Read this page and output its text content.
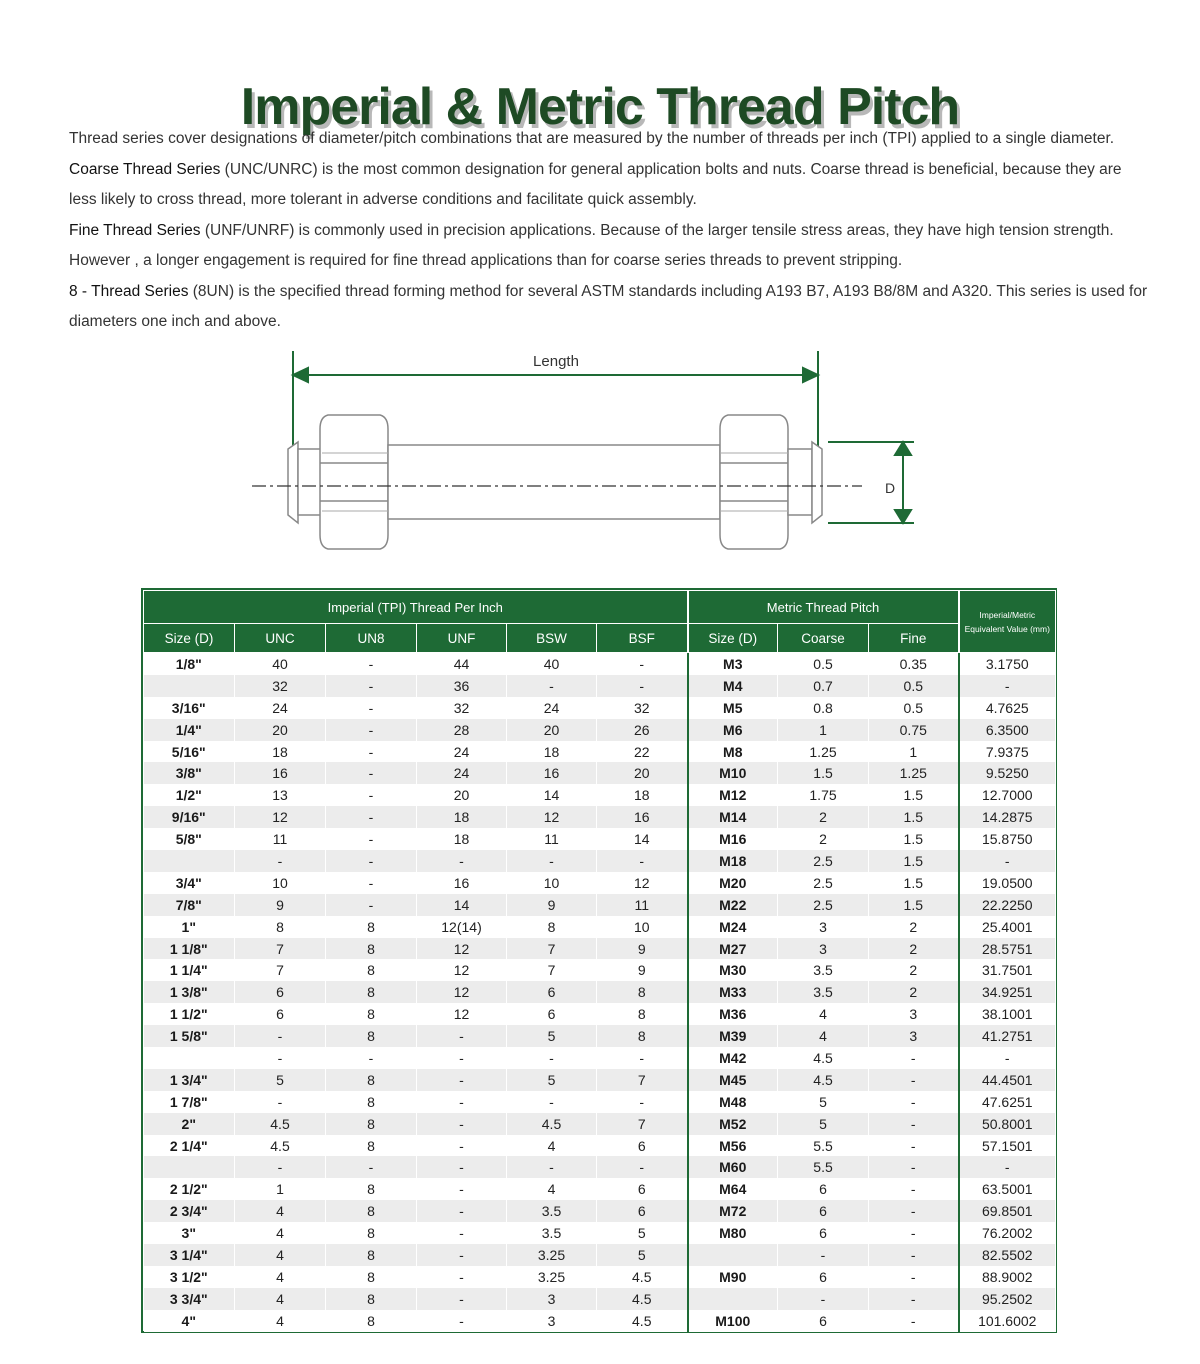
Imperial & Metric Thread Pitch

Thread series cover designations of diameter/pitch combinations that are measured by the number of threads per inch (TPI) applied to a single diameter.

Coarse Thread Series (UNC/UNRC) is the most common designation for general application bolts and nuts. Coarse thread is beneficial, because they are less likely to cross thread, more tolerant in adverse conditions and facilitate quick assembly.

Fine Thread Series (UNF/UNRF) is commonly used in precision applications. Because of the larger tensile stress areas, they have high tension strength. However , a longer engagement is required for fine thread applications than for coarse series threads to prevent stripping.

8 - Thread Series (8UN) is the specified thread forming method for several ASTM standards including A193 B7, A193 B8/8M and A320. This series is used for diameters one inch and above.

Length
D
Imperial (TPI) Thread Per Inch						Metric Thread Pitch			Imperial/Metric Equivalent Value (mm)
Size (D)	UNC	UN8	UNF	BSW	BSF	Size (D)	Coarse	Fine	
1/8"	40	-	44	40	-	M3	0.5	0.35	3.1750
	32	-	36	-	-	M4	0.7	0.5	-
3/16"	24	-	32	24	32	M5	0.8	0.5	4.7625
1/4"	20	-	28	20	26	M6	1	0.75	6.3500
5/16"	18	-	24	18	22	M8	1.25	1	7.9375
3/8"	16	-	24	16	20	M10	1.5	1.25	9.5250
1/2"	13	-	20	14	18	M12	1.75	1.5	12.7000
9/16"	12	-	18	12	16	M14	2	1.5	14.2875
5/8"	11	-	18	11	14	M16	2	1.5	15.8750
	-	-	-	-	-	M18	2.5	1.5	-
3/4"	10	-	16	10	12	M20	2.5	1.5	19.0500
7/8"	9	-	14	9	11	M22	2.5	1.5	22.2250
1"	8	8	12(14)	8	10	M24	3	2	25.4001
1 1/8"	7	8	12	7	9	M27	3	2	28.5751
1 1/4"	7	8	12	7	9	M30	3.5	2	31.7501
1 3/8"	6	8	12	6	8	M33	3.5	2	34.9251
1 1/2"	6	8	12	6	8	M36	4	3	38.1001
1 5/8"	-	8	-	5	8	M39	4	3	41.2751
	-	-	-	-	-	M42	4.5	-	-
1 3/4"	5	8	-	5	7	M45	4.5	-	44.4501
1 7/8"	-	8	-	-	-	M48	5	-	47.6251
2"	4.5	8	-	4.5	7	M52	5	-	50.8001
2 1/4"	4.5	8	-	4	6	M56	5.5	-	57.1501
	-	-	-	-	-	M60	5.5	-	-
2 1/2"	1	8	-	4	6	M64	6	-	63.5001
2 3/4"	4	8	-	3.5	6	M72	6	-	69.8501
3"	4	8	-	3.5	5	M80	6	-	76.2002
3 1/4"	4	8	-	3.25	5		-	-	82.5502
3 1/2"	4	8	-	3.25	4.5	M90	6	-	88.9002
3 3/4"	4	8	-	3	4.5		-	-	95.2502
4"	4	8	-	3	4.5	M100	6	-	101.6002
